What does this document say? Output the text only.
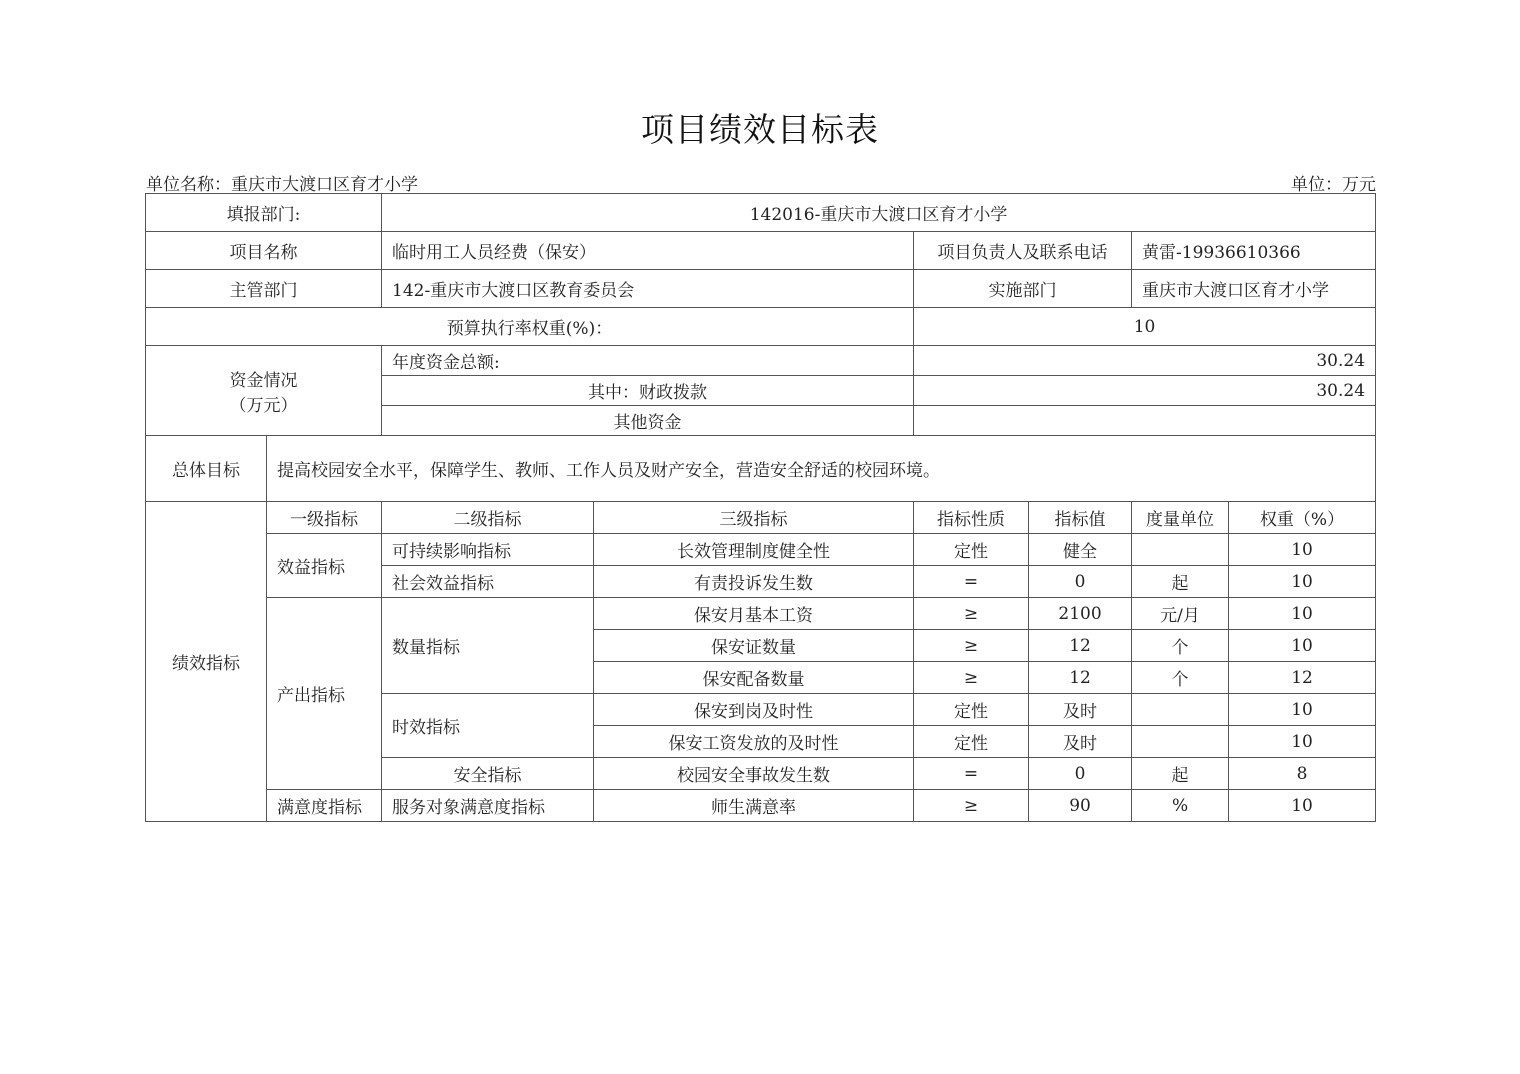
项目绩效目标表
单位名称：重庆市大渡口区育才小学	单位：万元
填报部门:		142016-重庆市大渡口区育才小学					
项目名称		临时用工人员经费（保安）		项目负责人及联系电话		黄雷-19936610366	
主管部门		142-重庆市大渡口区教育委员会		实施部门		重庆市大渡口区育才小学	
预算执行率权重(%)：				10			

资金情况
（万元）		年度资金总额:		30.24			
		其中：财政拨款		30.24			
		其他资金					
总体目标	提高校园安全水平，保障学生、教师、工作人员及财产安全，营造安全舒适的校园环境。						
绩效指标	一级指标	二级指标	三级指标	指标性质	指标值	度量单位	权重（%）
	效益指标	可持续影响指标	长效管理制度健全性	定性	健全		10
		社会效益指标	有责投诉发生数	=	0	起	10
	产出指标	数量指标	保安月基本工资	≥	2100	元/月	10
			保安证数量	≥	12	个	10
			保安配备数量	≥	12	个	12
		时效指标	保安到岗及时性	定性	及时		10
			保安工资发放的及时性	定性	及时		10
		安全指标	校园安全事故发生数	=	0	起	8
	满意度指标	服务对象满意度指标	师生满意率	≥	90	%	10
